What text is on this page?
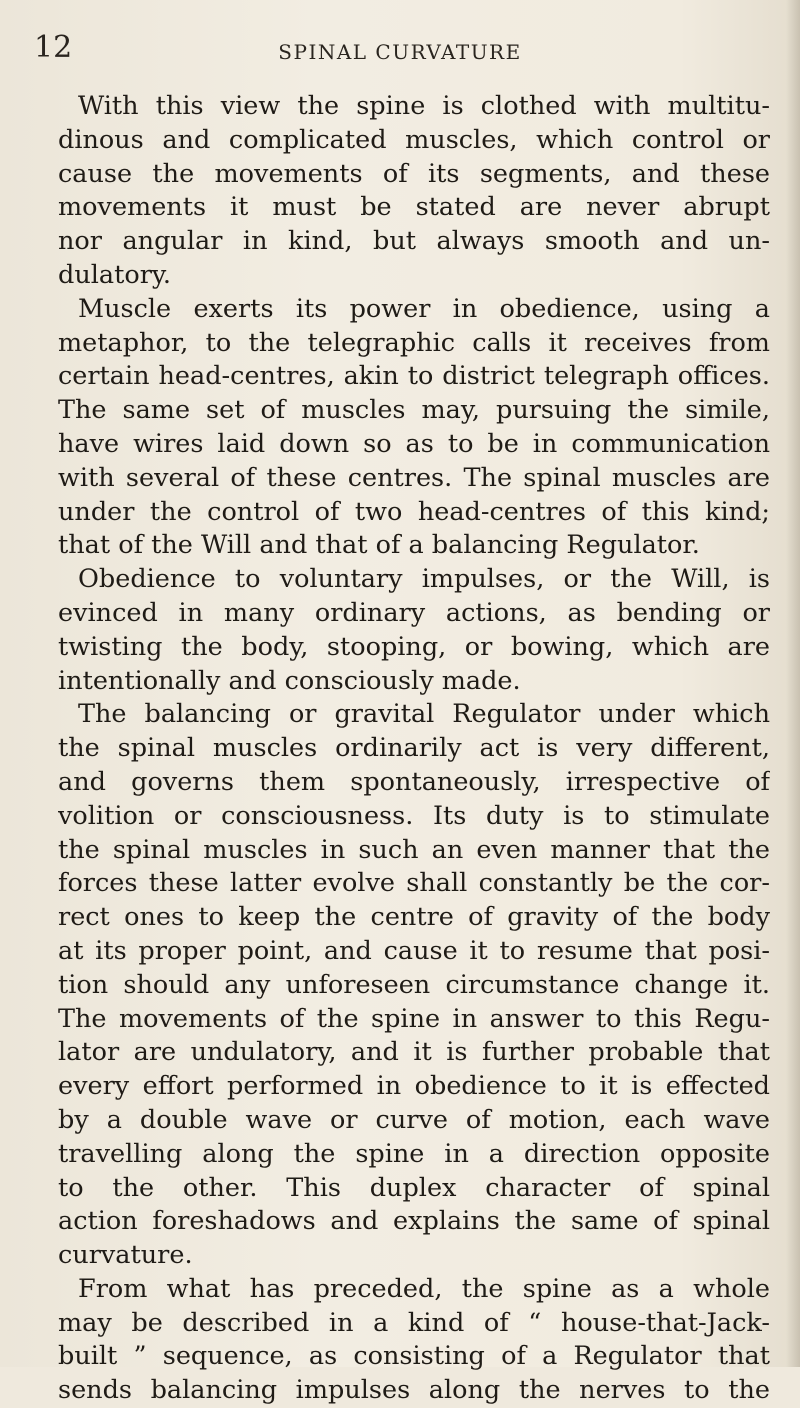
12	SPINAL CURVATURE
With this view the spine is clothed with multitu-
dinous and complicated muscles, which control or
cause the movements of its segments, and these
movements it must be stated are never abrupt
nor angular in kind, but always smooth and un-
dulatory.
Muscle exerts its power in obedience, using a
metaphor, to the telegraphic calls it receives from
certain head-centres, akin to district telegraph offices.
The same set of muscles may, pursuing the simile,
have wires laid down so as to be in communication
with several of these centres. The spinal muscles are
under the control of two head-centres of this kind;
that of the Will and that of a balancing Regulator.
Obedience to voluntary impulses, or the Will, is
evinced in many ordinary actions, as bending or
twisting the body, stooping, or bowing, which are
intentionally and consciously made.
The balancing or gravital Regulator under which
the spinal muscles ordinarily act is very different,
and governs them spontaneously, irrespective of
volition or consciousness. Its duty is to stimulate
the spinal muscles in such an even manner that the
forces these latter evolve shall constantly be the cor-
rect ones to keep the centre of gravity of the body
at its proper point, and cause it to resume that posi-
tion should any unforeseen circumstance change it.
The movements of the spine in answer to this Regu-
lator are undulatory, and it is further probable that
every effort performed in obedience to it is effected
by a double wave or curve of motion, each wave
travelling along the spine in a direction opposite
to the other. This duplex character of spinal
action foreshadows and explains the same of spinal
curvature.
From what has preceded, the spine as a whole
may be described in a kind of “ house-that-Jack-
built ” sequence, as consisting of a Regulator that
sends balancing impulses along the nerves to the
